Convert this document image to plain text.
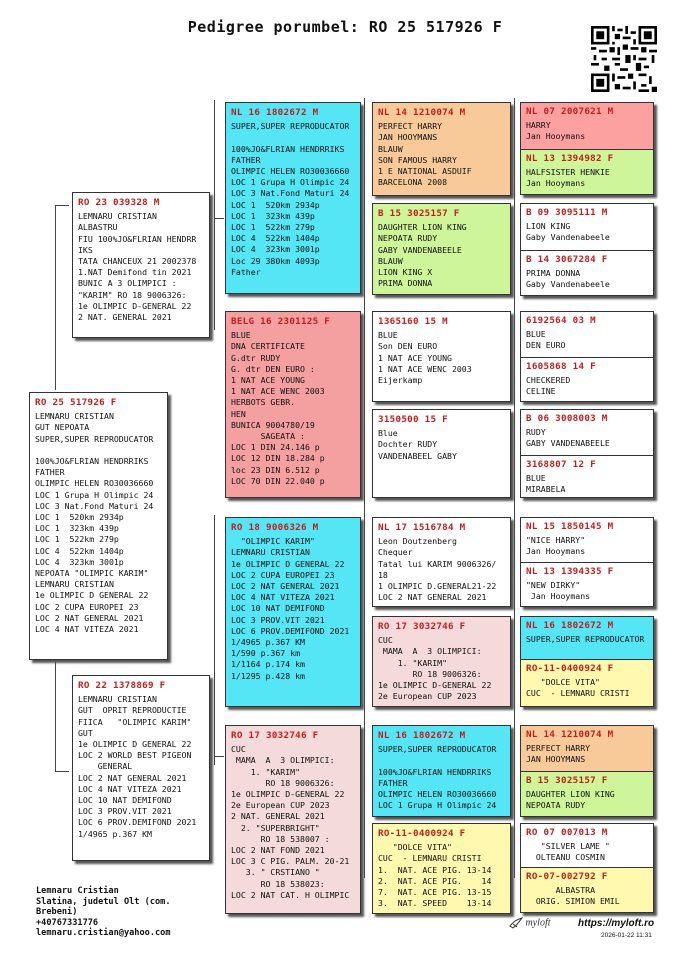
Pedigree porumbel: RO 25 517926 F
RO 25 517926 F
LEMNARU CRISTIAN
GUT NEPOATA
SUPER,SUPER REPRODUCATOR

100%JO&FLRIAN HENDRRIKS
FATHER
OLIMPIC HELEN RO30036660
LOC 1 Grupa H Olimpic 24
LOC 3 Nat.Fond Maturi 24
LOC 1  520km 2934p
LOC 1  323km 439p
LOC 1  522km 279p
LOC 4  522km 1404p
LOC 4  323km 3001p
NEPOATA "OLIMPIC KARIM"
LEMNARU CRISTIAN
1e OLIMPIC D GENERAL 22
LOC 2 CUPA EUROPEI 23
LOC 2 NAT GENERAL 2021
LOC 4 NAT VITEZA 2021
RO 23 039328 M
LEMNARU CRISTIAN
ALBASTRU
FIU 100%JO&FLRIAN HENDRR
IKS
TATA CHANCEUX 21 2002378
1.NAT Demifond tin 2021
BUNIC A 3 OLIMPICI :
"KARIM" RO 18 9006326:
1e OLIMPIC D-GENERAL 22
2 NAT. GENERAL 2021
RO 22 1378869 F
LEMNARU CRISTIAN
GUT  OPRIT REPRODUCTIE
FIICA   "OLIMPIC KARIM"
GUT
1e OLIMPIC D GENERAL 22
LOC 2 WORLD BEST PIGEON
GENERAL
LOC 2 NAT GENERAL 2021
LOC 4 NAT VITEZA 2021
LOC 10 NAT DEMIFOND
LOC 3 PROV.VIT 2021
LOC 6 PROV.DEMIFOND 2021
1/4965 p.367 KM
NL 16 1802672 M
SUPER,SUPER REPRODUCATOR

100%JO&FLRIAN HENDRRIKS
FATHER
OLIMPIC HELEN RO30036660
LOC 1 Grupa H Olimpic 24
LOC 3 Nat.Fond Maturi 24
LOC 1  520km 2934p
LOC 1  323km 439p
LOC 1  522km 279p
LOC 4  522km 1404p
LOC 4  323km 3001p
Loc 29 380km 4093p
Father
BELG 16 2301125 F
BLUE
DNA CERTIFICATE
G.dtr RUDY
G. dtr DEN EURO :
1 NAT ACE YOUNG
1 NAT ACE WENC 2003
HERBOTS GEBR.
HEN
BUNICA 9004780/19
SAGEATA :
LOC 1 DIN 24.146 p
LOC 12 DIN 18.284 p
loc 23 DIN 6.512 p
LOC 70 DIN 22.040 p
RO 18 9006326 M
"OLIMPIC KARIM"
LEMNARU CRISTIAN
1e OLIMPIC D GENERAL 22
LOC 2 CUPA EUROPEI 23
LOC 2 NAT GENERAL 2021
LOC 4 NAT VITEZA 2021
LOC 10 NAT DEMIFOND
LOC 3 PROV.VIT 2021
LOC 6 PROV.DEMIFOND 2021
1/4965 p.367 KM
1/590 p.367 km
1/1164 p.174 km
1/1295 p.428 km
RO 17 3032746 F
CUC
MAMA  A  3 OLIMPICI:
1. "KARIM"
RO 18 9006326:
1e OLIMPIC D-GENERAL 22
2e European CUP 2023
2 NAT. GENERAL 2021
2. "SUPERBRIGHT"
RO 18 538007 :
LOC 2 NAT FOND 2021
LOC 3 C PIG. PALM. 20-21
3. " CRSTIANO "
RO 18 538023:
LOC 2 NAT CAT. H OLIMPIC
NL 14 1210074 M
PERFECT HARRY
JAN HOOYMANS
BLAUW
SON FAMOUS HARRY
1 E NATIONAL ASDUIF
BARCELONA 2008
B 15 3025157 F
DAUGHTER LION KING
NEPOATA RUDY
GABY VANDENABEELE
BLAUW
LION KING X
PRIMA DONNA
1365160 15 M
BLUE
Son DEN EURO
1 NAT ACE YOUNG
1 NAT ACE WENC 2003
Eijerkamp
3150500 15 F
Blue
Dochter RUDY
VANDENABEEL GABY
NL 17 1516784 M
Leon Doutzenberg
Chequer
Tatal lui KARIM 9006326/
18
1 OLIMPIC D.GENERAL21-22
LOC 2 NAT GENERAL 2021
RO 17 3032746 F
CUC
MAMA  A  3 OLIMPICI:
1. "KARIM"
RO 18 9006326:
1e OLIMPIC D-GENERAL 22
2e European CUP 2023
NL 16 1802672 M
SUPER,SUPER REPRODUCATOR

100%JO&FLRIAN HENDRRIKS
FATHER
OLIMPIC HELEN RO30036660
LOC 1 Grupa H Olimpic 24
RO-11-0400924 F
"DOLCE VITA"
CUC  - LEMNARU CRISTI
1.  NAT. ACE PIG. 13-14
2.  NAT. ACE PIG.    14
7.  NAT. ACE PIG. 13-15
3.  NAT. SPEED    13-14
NL 07 2007621 M
HARRY
Jan Hooymans
NL 13 1394982 F
HALFSISTER HENKIE
Jan Hooymans
B 09 3095111 M
LION KING
Gaby Vandenabeele
B 14 3067284 F
PRIMA DONNA
Gaby Vandenabeele
6192564 03 M
BLUE
DEN EURO
1605868 14 F
CHECKERED
CELINE
B 06 3008003 M
RUDY
GABY VANDENABEELE
3168807 12 F
BLUE
MIRABELA
NL 15 1850145 M
"NICE HARRY"
Jan Hooymans
NL 13 1394335 F
"NEW DIRKY"
Jan Hooymans
NL 16 1802672 M
SUPER,SUPER REPRODUCATOR
RO-11-0400924 F
"DOLCE VITA"
CUC  - LEMNARU CRISTI
NL 14 1210074 M
PERFECT HARRY
JAN HOOYMANS
B 15 3025157 F
DAUGHTER LION KING
NEPOATA RUDY
RO 07 007013 M
"SILVER LAME "
OLTEANU COSMIN
RO-07-002792 F
ALBASTRA
ORIG. SIMION EMIL
Lemnaru Cristian
Slatina, judetul Olt (com.
Brebeni)
+40767331776
lemnaru.cristian@yahoo.com
myloft	https://myloft.ro
2026-01-22 11:31
